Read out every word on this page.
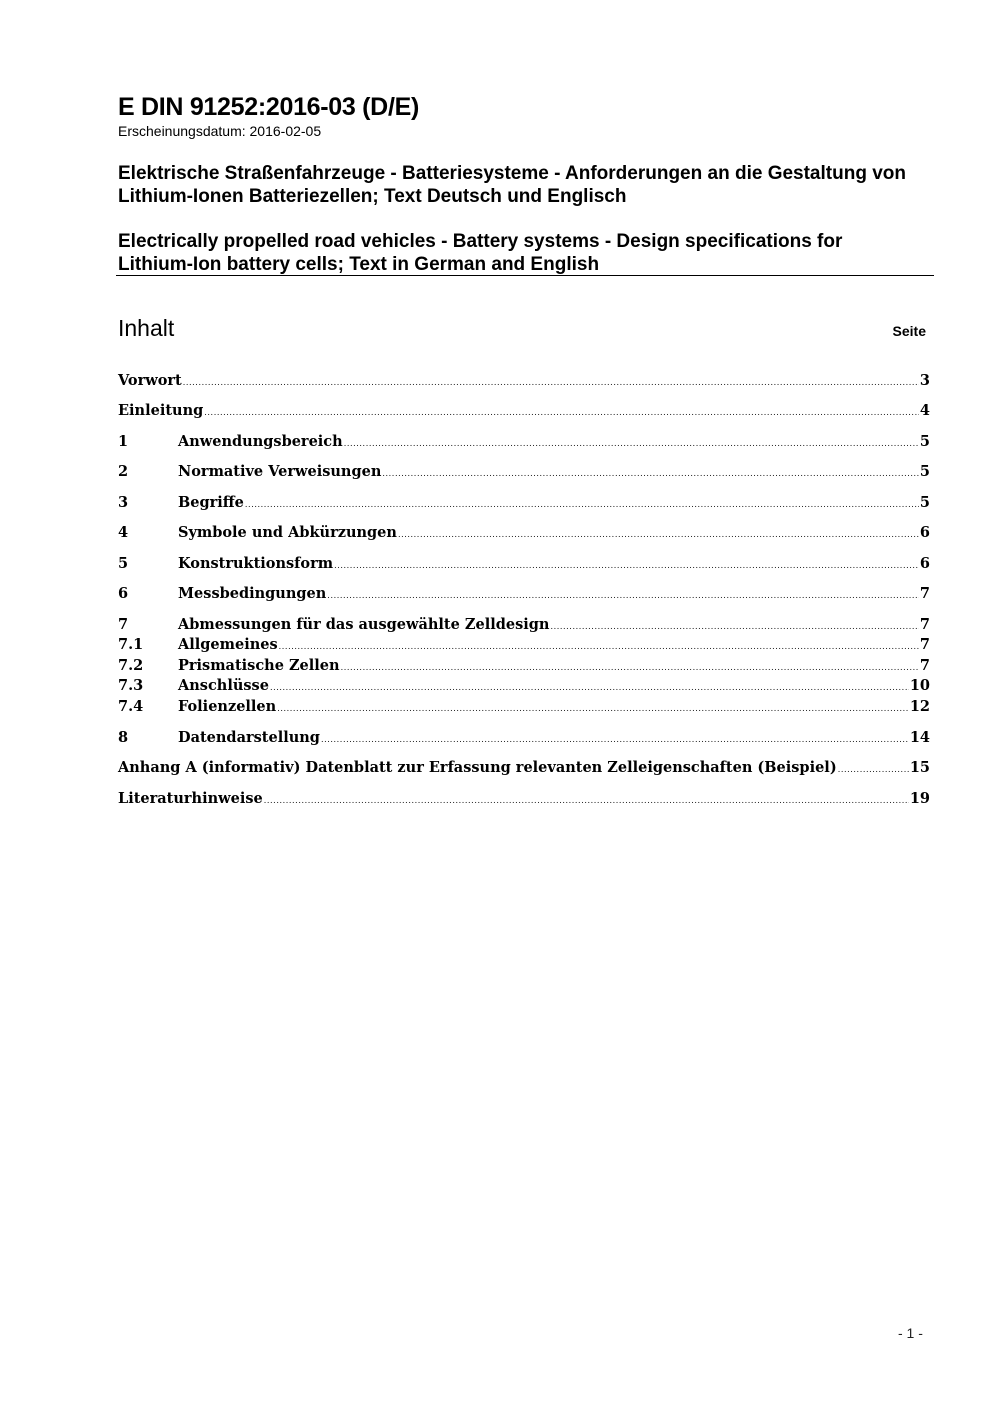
E DIN 91252:2016-03 (D/E)
Erscheinungsdatum: 2016-02-05
Elektrische Straßenfahrzeuge - Batteriesysteme - Anforderungen an die Gestaltung von Lithium-Ionen Batteriezellen; Text Deutsch und Englisch
Electrically propelled road vehicles - Battery systems - Design specifications for Lithium-Ion battery cells; Text in German and English
Inhalt	Seite
Vorwort .....	3
Einleitung .....	4
1	Anwendungsbereich .....	5
2	Normative Verweisungen .....	5
3	Begriffe .....	5
4	Symbole und Abkürzungen .....	6
5	Konstruktionsform .....	6
6	Messbedingungen .....	7
7	Abmessungen für das ausgewählte Zelldesign .....	7
7.1	Allgemeines .....	7
7.2	Prismatische Zellen .....	7
7.3	Anschlüsse .....	10
7.4	Folienzellen .....	12
8	Datendarstellung .....	14
Anhang A (informativ) Datenblatt zur Erfassung relevanten Zelleigenschaften (Beispiel) .....	15
Literaturhinweise .....	19
- 1 -
